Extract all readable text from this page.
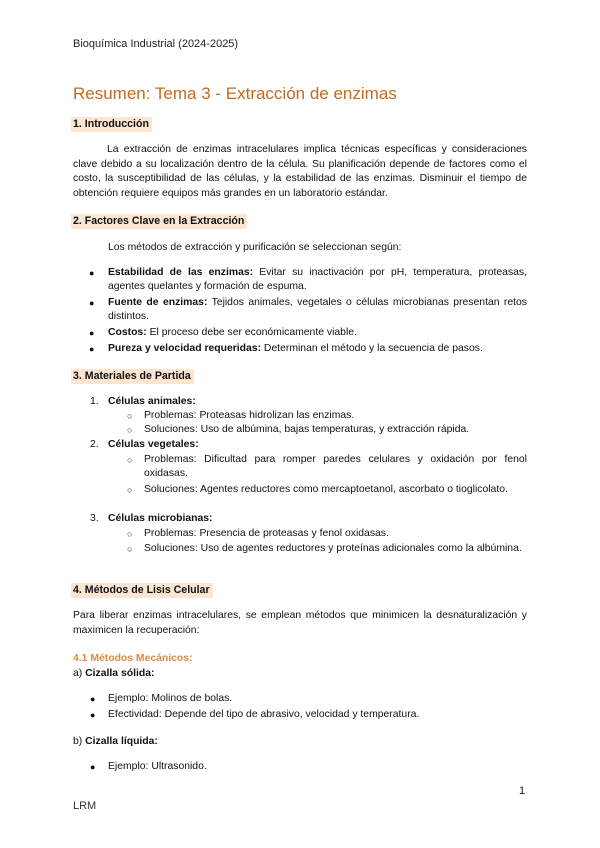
Bioquímica Industrial (2024-2025)
Resumen: Tema 3 - Extracción de enzimas
1. Introducción
La extracción de enzimas intracelulares implica técnicas específicas y consideraciones clave debido a su localización dentro de la célula. Su planificación depende de factores como el costo, la susceptibilidad de las células, y la estabilidad de las enzimas. Disminuir el tiempo de obtención requiere equipos más grandes en un laboratorio estándar.
2. Factores Clave en la Extracción
Los métodos de extracción y purificación se seleccionan según:
● Estabilidad de las enzimas: Evitar su inactivación por pH, temperatura, proteasas, agentes quelantes y formación de espuma.
● Fuente de enzimas: Tejidos animales, vegetales o células microbianas presentan retos distintos.
● Costos: El proceso debe ser económicamente viable.
● Pureza y velocidad requeridas: Determinan el método y la secuencia de pasos.
3. Materiales de Partida
1. Células animales:
○ Problemas: Proteasas hidrolizan las enzimas.
○ Soluciones: Uso de albúmina, bajas temperaturas, y extracción rápida.
2. Células vegetales:
○ Problemas: Dificultad para romper paredes celulares y oxidación por fenol oxidasas.
○ Soluciones: Agentes reductores como mercaptoetanol, ascorbato o tioglicolato.
3. Células microbianas:
○ Problemas: Presencia de proteasas y fenol oxidasas.
○ Soluciones: Uso de agentes reductores y proteínas adicionales como la albúmina.
4. Métodos de Lisis Celular
Para liberar enzimas intracelulares, se emplean métodos que minimicen la desnaturalización y maximicen la recuperación:
4.1 Métodos Mecánicos:
a) Cizalla sólida:
● Ejemplo: Molinos de bolas.
● Efectividad: Depende del tipo de abrasivo, velocidad y temperatura.
b) Cizalla líquida:
● Ejemplo: Ultrasonido.
1
LRM
